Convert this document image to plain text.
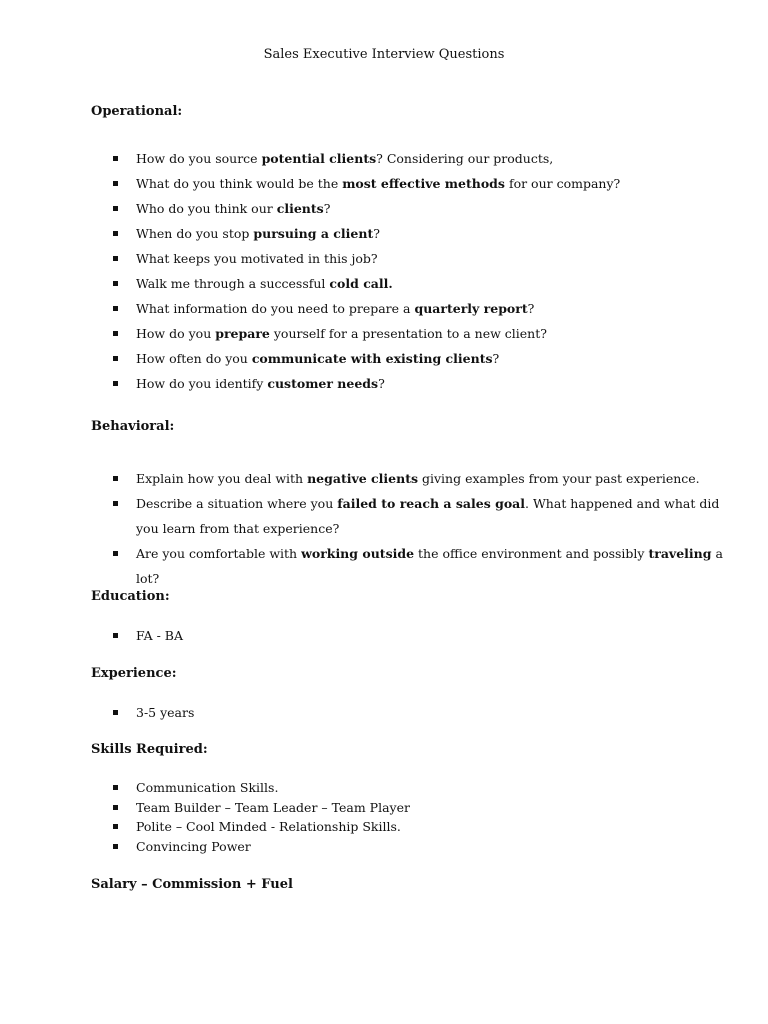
Sales Executive Interview Questions
Operational:
How do you source potential clients? Considering our products,
What do you think would be the most effective methods for our company?
Who do you think our clients?
When do you stop pursuing a client?
What keeps you motivated in this job?
Walk me through a successful cold call.
What information do you need to prepare a quarterly report?
How do you prepare yourself for a presentation to a new client?
How often do you communicate with existing clients?
How do you identify customer needs?
Behavioral:
Explain how you deal with negative clients giving examples from your past experience.
Describe a situation where you failed to reach a sales goal. What happened and what did you learn from that experience?
Are you comfortable with working outside the office environment and possibly traveling a lot?
Education:
FA - BA
Experience:
3-5 years
Skills Required:
Communication Skills.
Team Builder – Team Leader – Team Player
Polite – Cool Minded - Relationship Skills.
Convincing Power
Salary – Commission + Fuel
